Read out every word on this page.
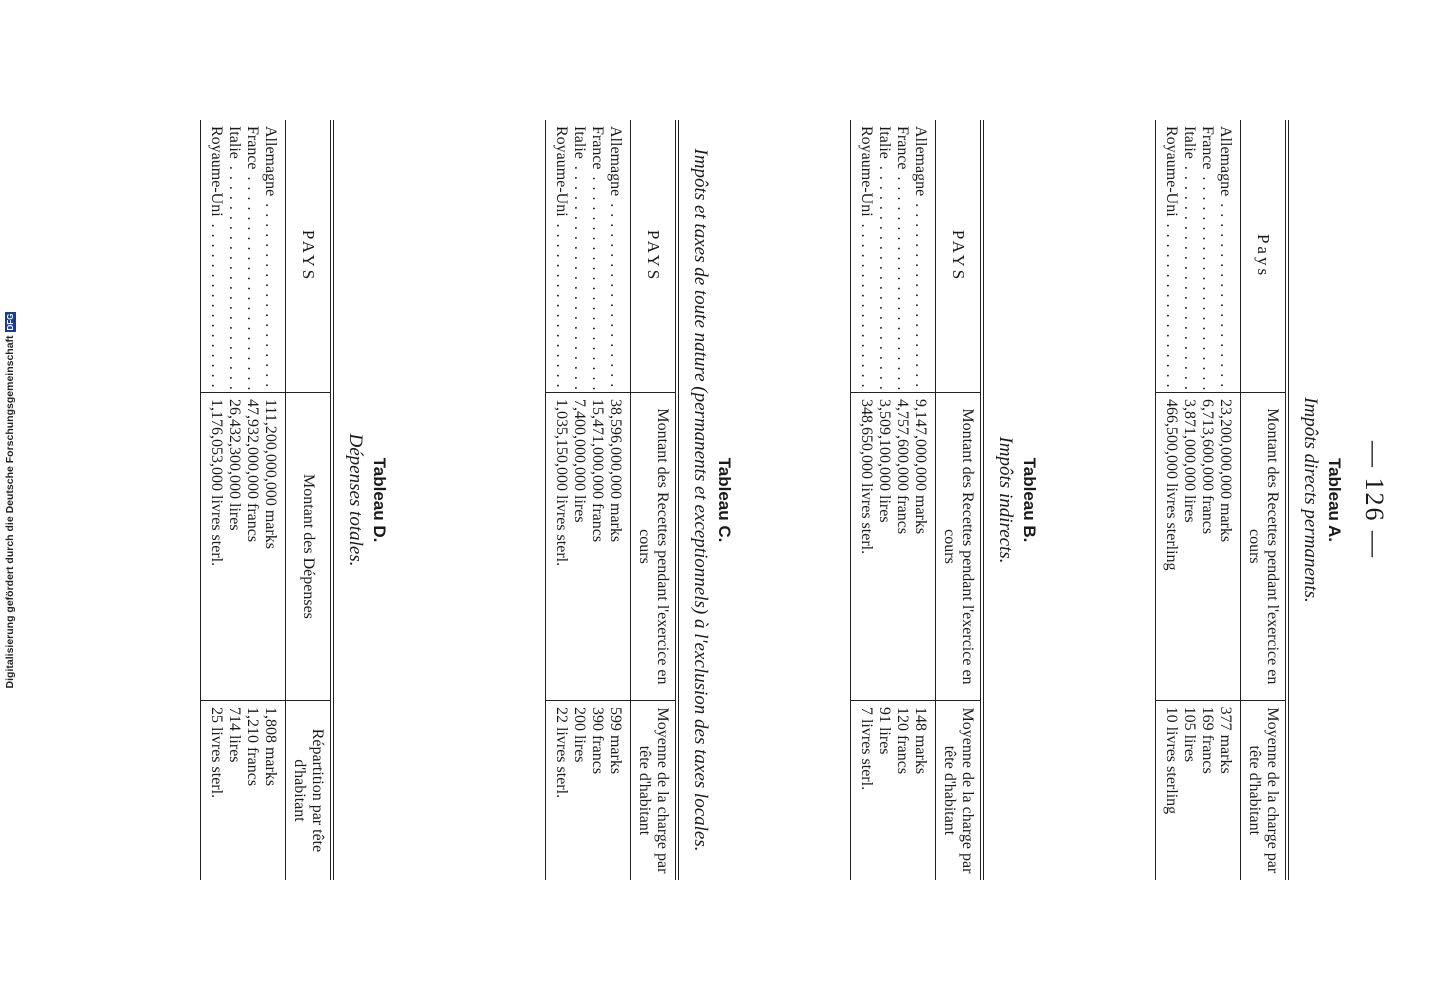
— 126 —

Tableau A.

Impôts directs permanents.

Pays	Montant des Recettes pendant l'exercice en cours	Moyenne de la charge par tête d'habitant
Allemagne . . .	23,200,000,000 marks	377 marks
France . . .	6,713,600,000 francs	169 francs
Italie . . .	3,871,000,000 lires	105 lires
Royaume-Uni . . .	466,500,000 livres sterling	10 livres sterling

Tableau B.

Impôts indirects.

PAYS	Montant des Recettes pendant l'exercice en cours	Moyenne de la charge par tête d'habitant
Allemagne . . .	9,147,000,000 marks	148 marks
France . . .	4,757,600,000 francs	120 francs
Italie . . .	3,509,100,000 lires	91 lires
Royaume-Uni . . .	348,650,000 livres sterl.	7 livres sterl.

Tableau C.

Impôts et taxes de toute nature (permanents et exceptionnels) à l'exclusion des taxes locales.

PAYS	Montant des Recettes pendant l'exercice en cours	Moyenne de la charge par tête d'habitant
Allemagne . . .	38,596,000,000 marks	599 marks
France . . .	15,471,000,000 francs	390 francs
Italie . . .	7,400,000,000 lires	200 lires
Royaume-Uni . . .	1,035,150,000 livres sterl.	22 livres sterl.

Tableau D.

Dépenses totales.

PAYS	Montant des Dépenses	Répartition par tête d'habitant
Allemagne . . .	111,200,000,000 marks	1,808 marks
France . . .	47,932,000,000 francs	1,210 francs
Italie . . .	26,432,300,000 lires	714 lires
Royaume-Uni . . .	1,176,053,000 livres sterl.	25 livres sterl.
Digitalisierung gefördert durch die Deutsche ForschungsgemeinschaftDFG
